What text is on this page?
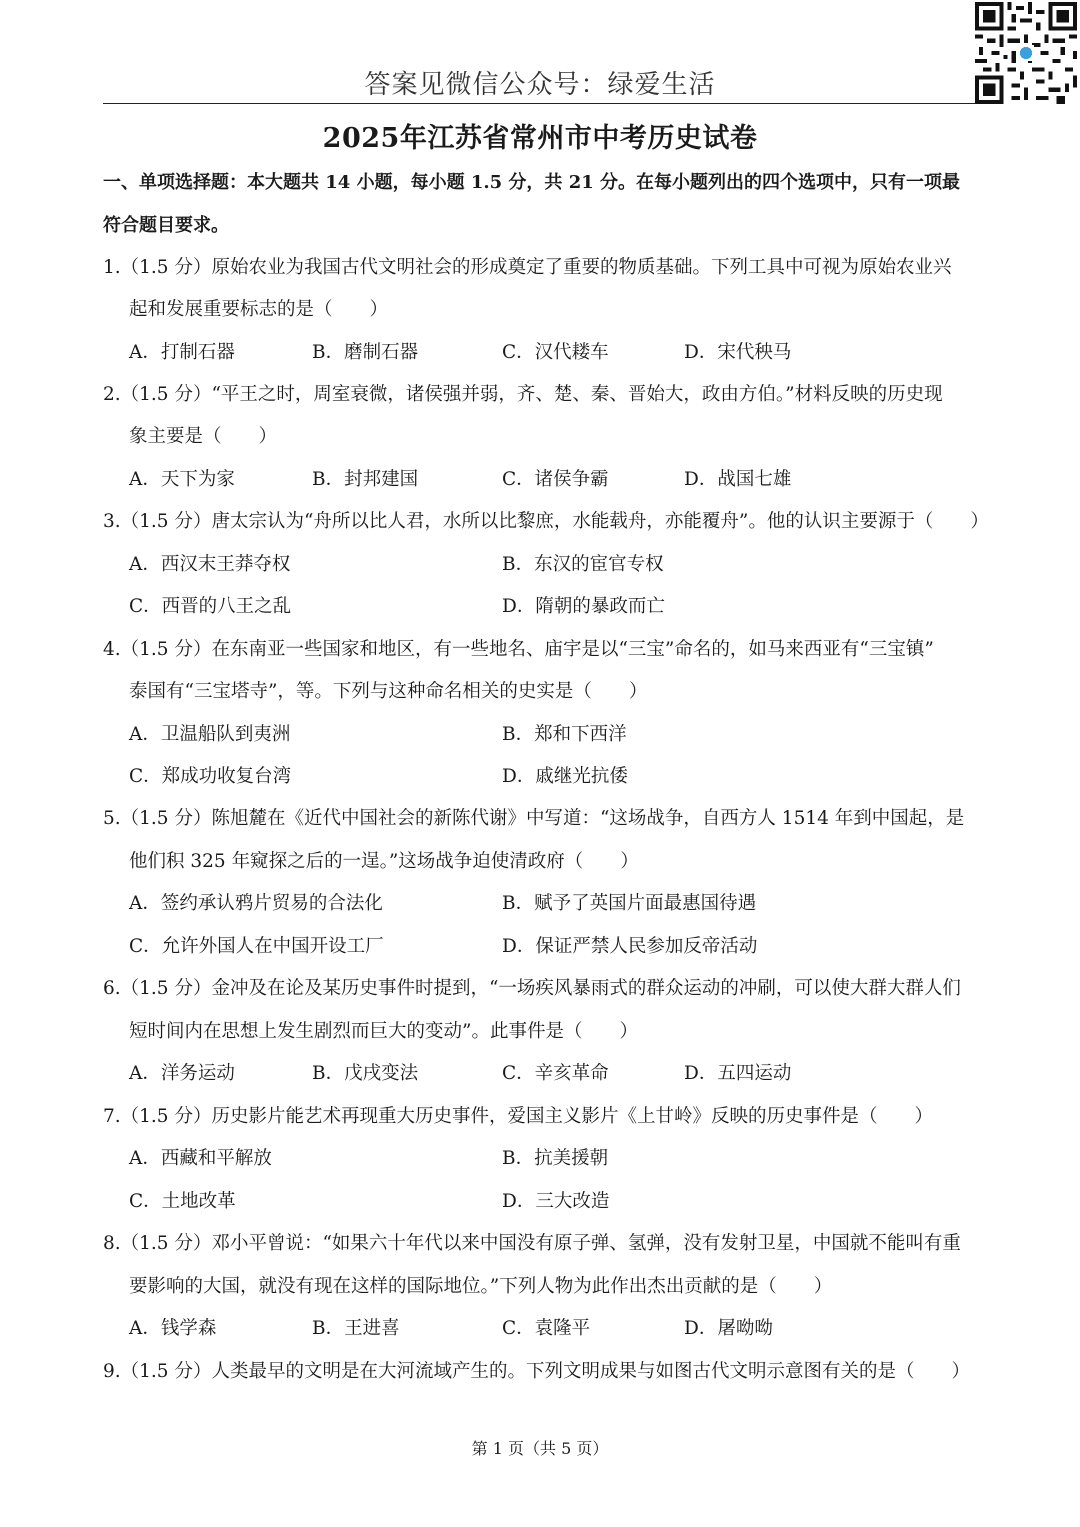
答案见微信公众号：绿爱生活
2025年江苏省常州市中考历史试卷
一、单项选择题：本大题共 14 小题，每小题 1.5 分，共 21 分。在每小题列出的四个选项中，只有一项最
符合题目要求。
1.（1.5 分）原始农业为我国古代文明社会的形成奠定了重要的物质基础。下列工具中可视为原始农业兴
起和发展重要标志的是（　　）
A．打制石器	B．磨制石器	C．汉代耧车	D．宋代秧马
2.（1.5 分）“平王之时，周室衰微，诸侯强并弱，齐、楚、秦、晋始大，政由方伯。”材料反映的历史现
象主要是（　　）
A．天下为家	B．封邦建国	C．诸侯争霸	D．战国七雄
3.（1.5 分）唐太宗认为“舟所以比人君，水所以比黎庶，水能载舟，亦能覆舟”。他的认识主要源于（　　）
A．西汉末王莽夺权	B．东汉的宦官专权
C．西晋的八王之乱	D．隋朝的暴政而亡
4.（1.5 分）在东南亚一些国家和地区，有一些地名、庙宇是以“三宝”命名的，如马来西亚有“三宝镇”
泰国有“三宝塔寺”，等。下列与这种命名相关的史实是（　　）
A．卫温船队到夷洲	B．郑和下西洋
C．郑成功收复台湾	D．戚继光抗倭
5.（1.5 分）陈旭麓在《近代中国社会的新陈代谢》中写道：“这场战争，自西方人 1514 年到中国起，是
他们积 325 年窥探之后的一逞。”这场战争迫使清政府（　　）
A．签约承认鸦片贸易的合法化	B．赋予了英国片面最惠国待遇
C．允许外国人在中国开设工厂	D．保证严禁人民参加反帝活动
6.（1.5 分）金冲及在论及某历史事件时提到，“一场疾风暴雨式的群众运动的冲刷，可以使大群大群人们
短时间内在思想上发生剧烈而巨大的变动”。此事件是（　　）
A．洋务运动	B．戊戌变法	C．辛亥革命	D．五四运动
7.（1.5 分）历史影片能艺术再现重大历史事件，爱国主义影片《上甘岭》反映的历史事件是（　　）
A．西藏和平解放	B．抗美援朝
C．土地改革	D．三大改造
8.（1.5 分）邓小平曾说：“如果六十年代以来中国没有原子弹、氢弹，没有发射卫星，中国就不能叫有重
要影响的大国，就没有现在这样的国际地位。”下列人物为此作出杰出贡献的是（　　）
A．钱学森	B．王进喜	C．袁隆平	D．屠呦呦
9.（1.5 分）人类最早的文明是在大河流域产生的。下列文明成果与如图古代文明示意图有关的是（　　）
第 1 页（共 5 页）
